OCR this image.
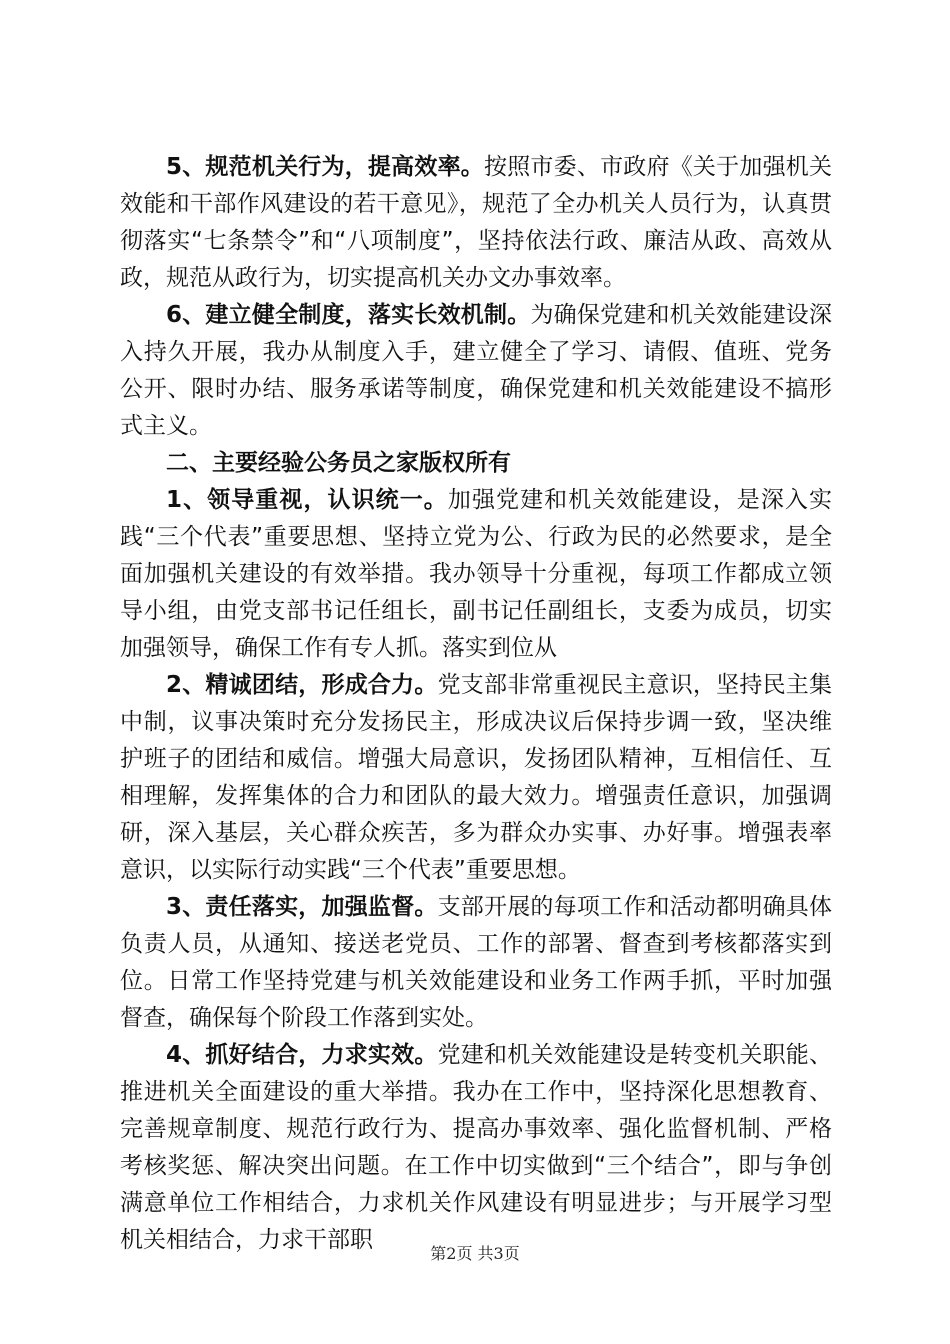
5、规范机关行为，提高效率。按照市委、市政府《关于加强机关效能和干部作风建设的若干意见》，规范了全办机关人员行为，认真贯彻落实“七条禁令”和“八项制度”，坚持依法行政、廉洁从政、高效从政，规范从政行为，切实提高机关办文办事效率。

6、建立健全制度，落实长效机制。为确保党建和机关效能建设深入持久开展，我办从制度入手，建立健全了学习、请假、值班、党务公开、限时办结、服务承诺等制度，确保党建和机关效能建设不搞形式主义。

二、主要经验公务员之家版权所有

1、领导重视，认识统一。加强党建和机关效能建设，是深入实践“三个代表”重要思想、坚持立党为公、行政为民的必然要求，是全面加强机关建设的有效举措。我办领导十分重视，每项工作都成立领导小组，由党支部书记任组长，副书记任副组长，支委为成员，切实加强领导，确保工作有专人抓。落实到位从

2、精诚团结，形成合力。党支部非常重视民主意识，坚持民主集中制，议事决策时充分发扬民主，形成决议后保持步调一致，坚决维护班子的团结和威信。增强大局意识，发扬团队精神，互相信任、互相理解，发挥集体的合力和团队的最大效力。增强责任意识，加强调研，深入基层，关心群众疾苦，多为群众办实事、办好事。增强表率意识，以实际行动实践“三个代表”重要思想。

3、责任落实，加强监督。支部开展的每项工作和活动都明确具体负责人员，从通知、接送老党员、工作的部署、督查到考核都落实到位。日常工作坚持党建与机关效能建设和业务工作两手抓，平时加强督查，确保每个阶段工作落到实处。

4、抓好结合，力求实效。党建和机关效能建设是转变机关职能、推进机关全面建设的重大举措。我办在工作中，坚持深化思想教育、完善规章制度、规范行政行为、提高办事效率、强化监督机制、严格考核奖惩、解决突出问题。在工作中切实做到“三个结合”，即与争创满意单位工作相结合，力求机关作风建设有明显进步；与开展学习型机关相结合，力求干部职

第2页 共3页
